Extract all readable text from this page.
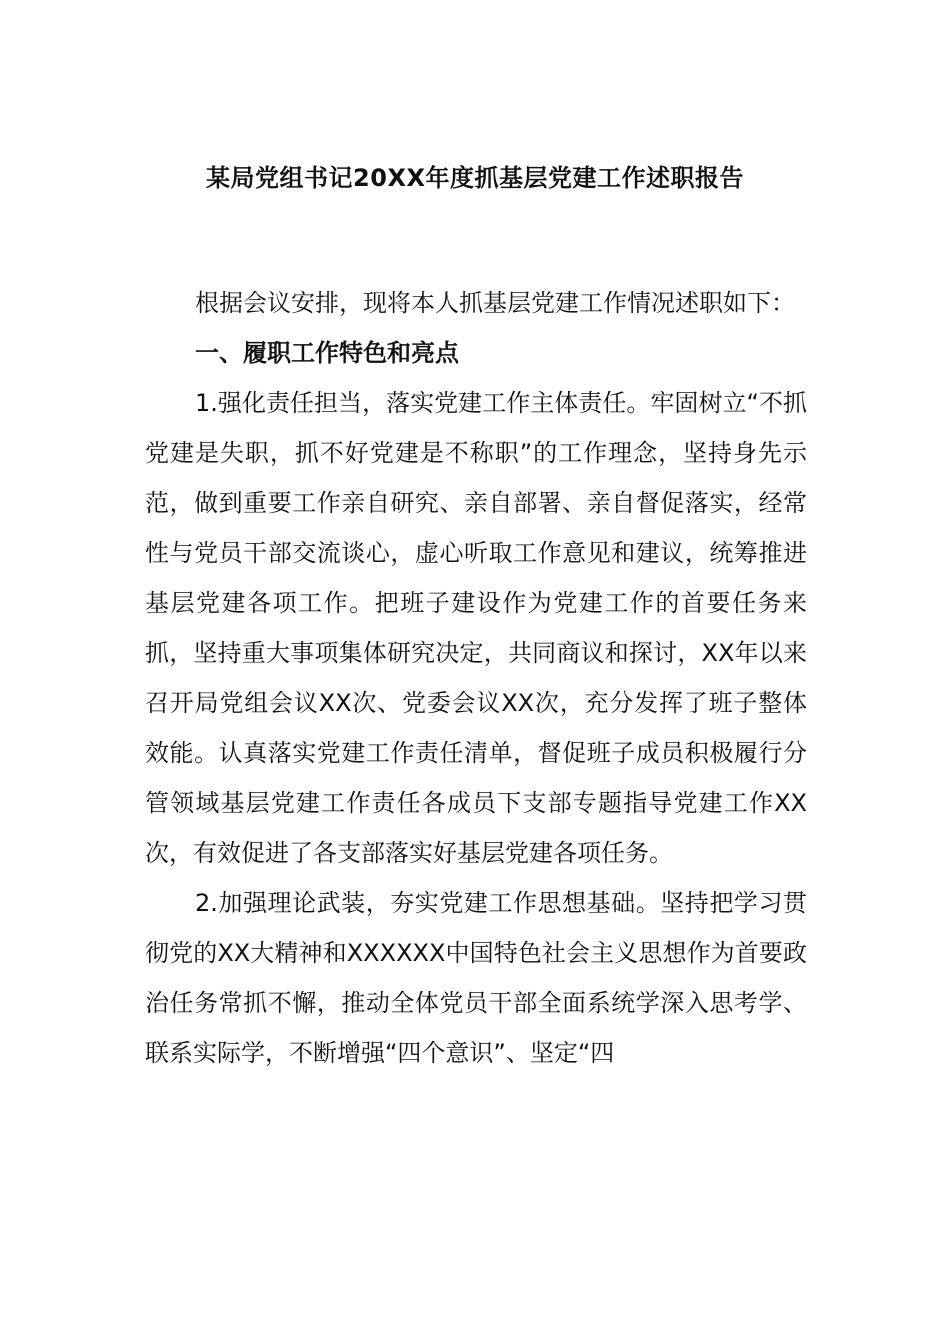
某局党组书记20XX年度抓基层党建工作述职报告

根据会议安排，现将本人抓基层党建工作情况述职如下：

一、履职工作特色和亮点

1.强化责任担当，落实党建工作主体责任。牢固树立“不抓党建是失职，抓不好党建是不称职”的工作理念，坚持身先示范，做到重要工作亲自研究、亲自部署、亲自督促落实，经常性与党员干部交流谈心，虚心听取工作意见和建议，统筹推进基层党建各项工作。把班子建设作为党建工作的首要任务来抓，坚持重大事项集体研究决定，共同商议和探讨，XX年以来召开局党组会议XX次、党委会议XX次，充分发挥了班子整体效能。认真落实党建工作责任清单，督促班子成员积极履行分管领域基层党建工作责任各成员下支部专题指导党建工作XX次，有效促进了各支部落实好基层党建各项任务。

2.加强理论武装，夯实党建工作思想基础。坚持把学习贯彻党的XX大精神和XXXXXX中国特色社会主义思想作为首要政治任务常抓不懈，推动全体党员干部全面系统学深入思考学、联系实际学，不断增强“四个意识”、坚定“四
